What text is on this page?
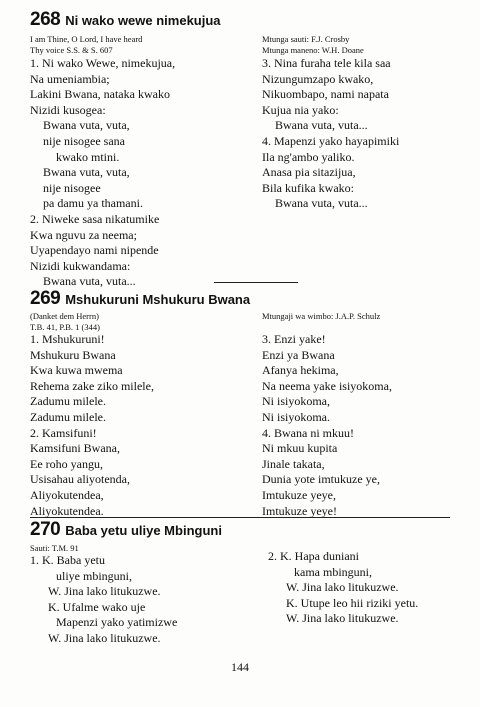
268 Ni wako wewe nimekujua
I am Thine, O Lord, I have heard
Thy voice S.S. & S. 607
Mtunga sauti: F.J. Crosby
Mtunga maneno: W.H. Doane
1. Ni wako Wewe, nimekujua,
Na umeniambia;
Lakini Bwana, nataka kwako
Nizidi kusogea:
Bwana vuta, vuta,
nije nisogee sana
kwako mtini.
Bwana vuta, vuta,
nije nisogee
pa damu ya thamani.
2. Niweke sasa nikatumike
Kwa nguvu za neema;
Uyapendayo nami nipende
Nizidi kukwandama:
Bwana vuta, vuta...
3. Nina furaha tele kila saa
Nizungumzapo kwako,
Nikuombapo, nami napata
Kujua nia yako:
Bwana vuta, vuta...
4. Mapenzi yako hayapimiki
Ila ng'ambo yaliko.
Anasa pia sitazijua,
Bila kufika kwako:
Bwana vuta, vuta...
269 Mshukuruni Mshukuru Bwana
(Danket dem Herrn)
T.B. 41, P.B. 1 (344)
Mtungaji wa wimbo: J.A.P. Schulz
1. Mshukuruni!
Mshukuru Bwana
Kwa kuwa mwema
Rehema zake ziko milele,
Zadumu milele.
Zadumu milele.
2. Kamsifuni!
Kamsifuni Bwana,
Ee roho yangu,
Usisahau aliyotenda,
Aliyokutendea,
Aliyokutendea.
3. Enzi yake!
Enzi ya Bwana
Afanya hekima,
Na neema yake isiyokoma,
Ni isiyokoma,
Ni isiyokoma.
4. Bwana ni mkuu!
Ni mkuu kupita
Jinale takata,
Dunia yote imtukuze ye,
Imtukuze yeye,
Imtukuze yeye!
270 Baba yetu uliye Mbinguni
Sauti: T.M. 91
1. K. Baba yetu
uliye mbinguni,
W. Jina lako litukuzwe.
K. Ufalme wako uje
Mapenzi yako yatimizwe
W. Jina lako litukuzwe.
2. K. Hapa duniani
kama mbinguni,
W. Jina lako litukuzwe.
K. Utupe leo hii riziki yetu.
W. Jina lako litukuzwe.
144
